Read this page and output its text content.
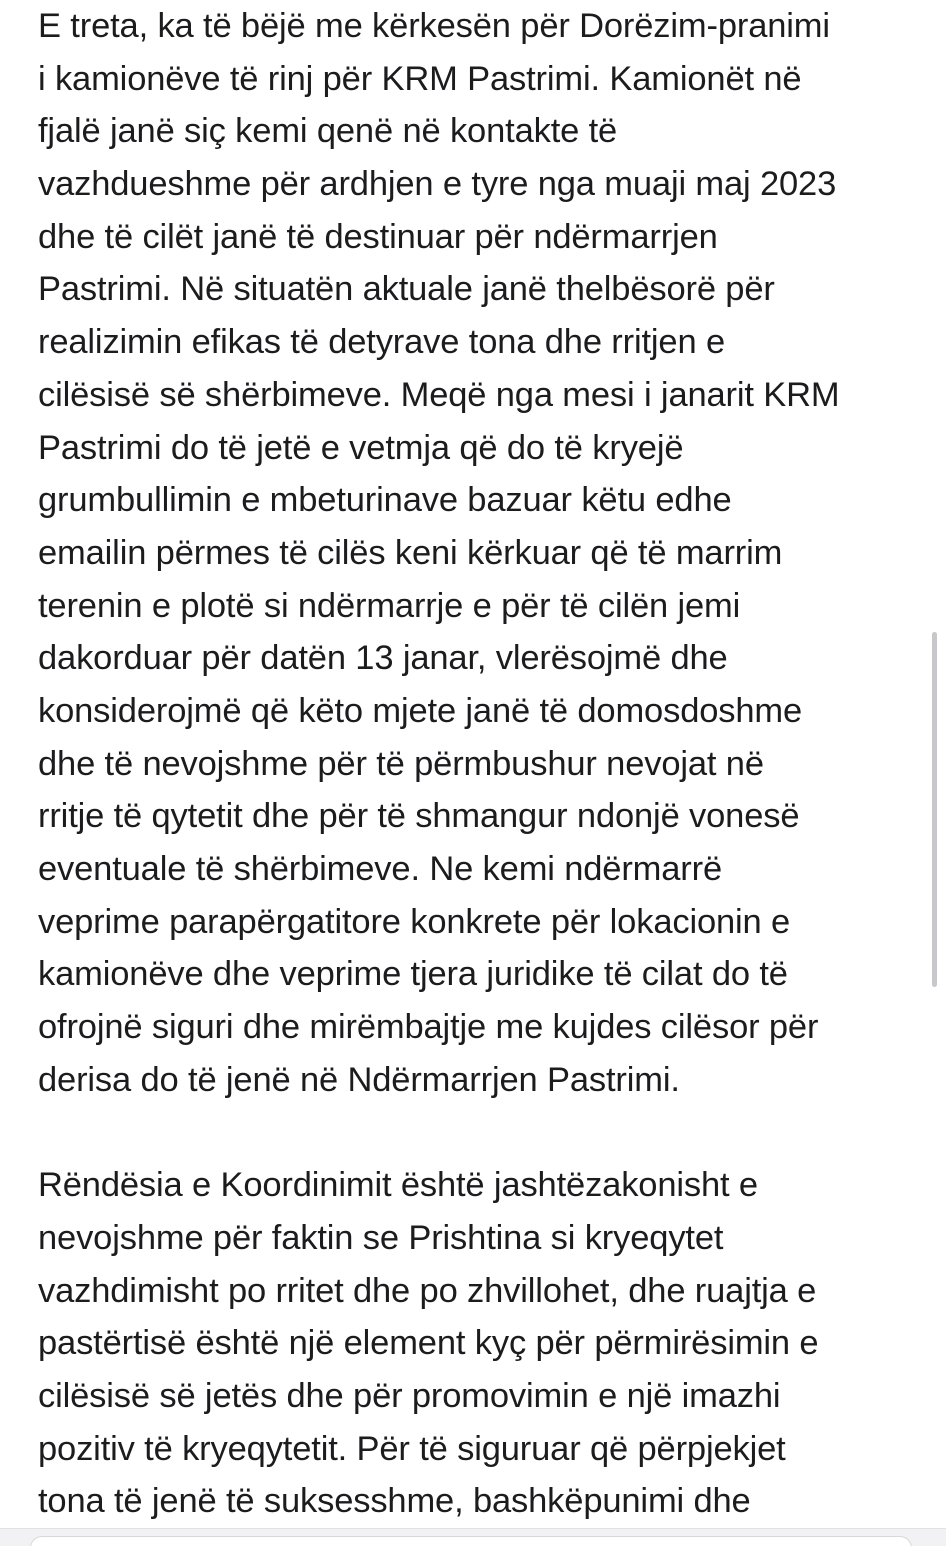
E treta, ka të bëjë me kërkesën për Dorëzim-pranimi
i kamionëve të rinj për KRM Pastrimi. Kamionët në
fjalë janë siç kemi qenë në kontakte të
vazhdueshme për ardhjen e tyre nga muaji maj 2023
dhe të cilët janë të destinuar për ndërmarrjen
Pastrimi. Në situatën aktuale janë thelbësorë për
realizimin efikas të detyrave tona dhe rritjen e
cilësisë së shërbimeve. Meqë nga mesi i janarit KRM
Pastrimi do të jetë e vetmja që do të kryejë
grumbullimin e mbeturinave bazuar këtu edhe
emailin përmes të cilës keni kërkuar që të marrim
terenin e plotë si ndërmarrje e për të cilën jemi
dakorduar për datën 13 janar, vlerësojmë dhe
konsiderojmë që këto mjete janë të domosdoshme
dhe të nevojshme për të përmbushur nevojat në
rritje të qytetit dhe për të shmangur ndonjë vonesë
eventuale të shërbimeve. Ne kemi ndërmarrë
veprime parapërgatitore konkrete për lokacionin e
kamionëve dhe veprime tjera juridike të cilat do të
ofrojnë siguri dhe mirëmbajtje me kujdes cilësor për
derisa do të jenë në Ndërmarrjen Pastrimi.
Rëndësia e Koordinimit është jashtëzakonisht e
nevojshme për faktin se Prishtina si kryeqytet
vazhdimisht po rritet dhe po zhvillohet, dhe ruajtja e
pastërtisë është një element kyç për përmirësimin e
cilësisë së jetës dhe për promovimin e një imazhi
pozitiv të kryeqytetit. Për të siguruar që përpjekjet
tona të jenë të suksesshme, bashkëpunimi dhe
